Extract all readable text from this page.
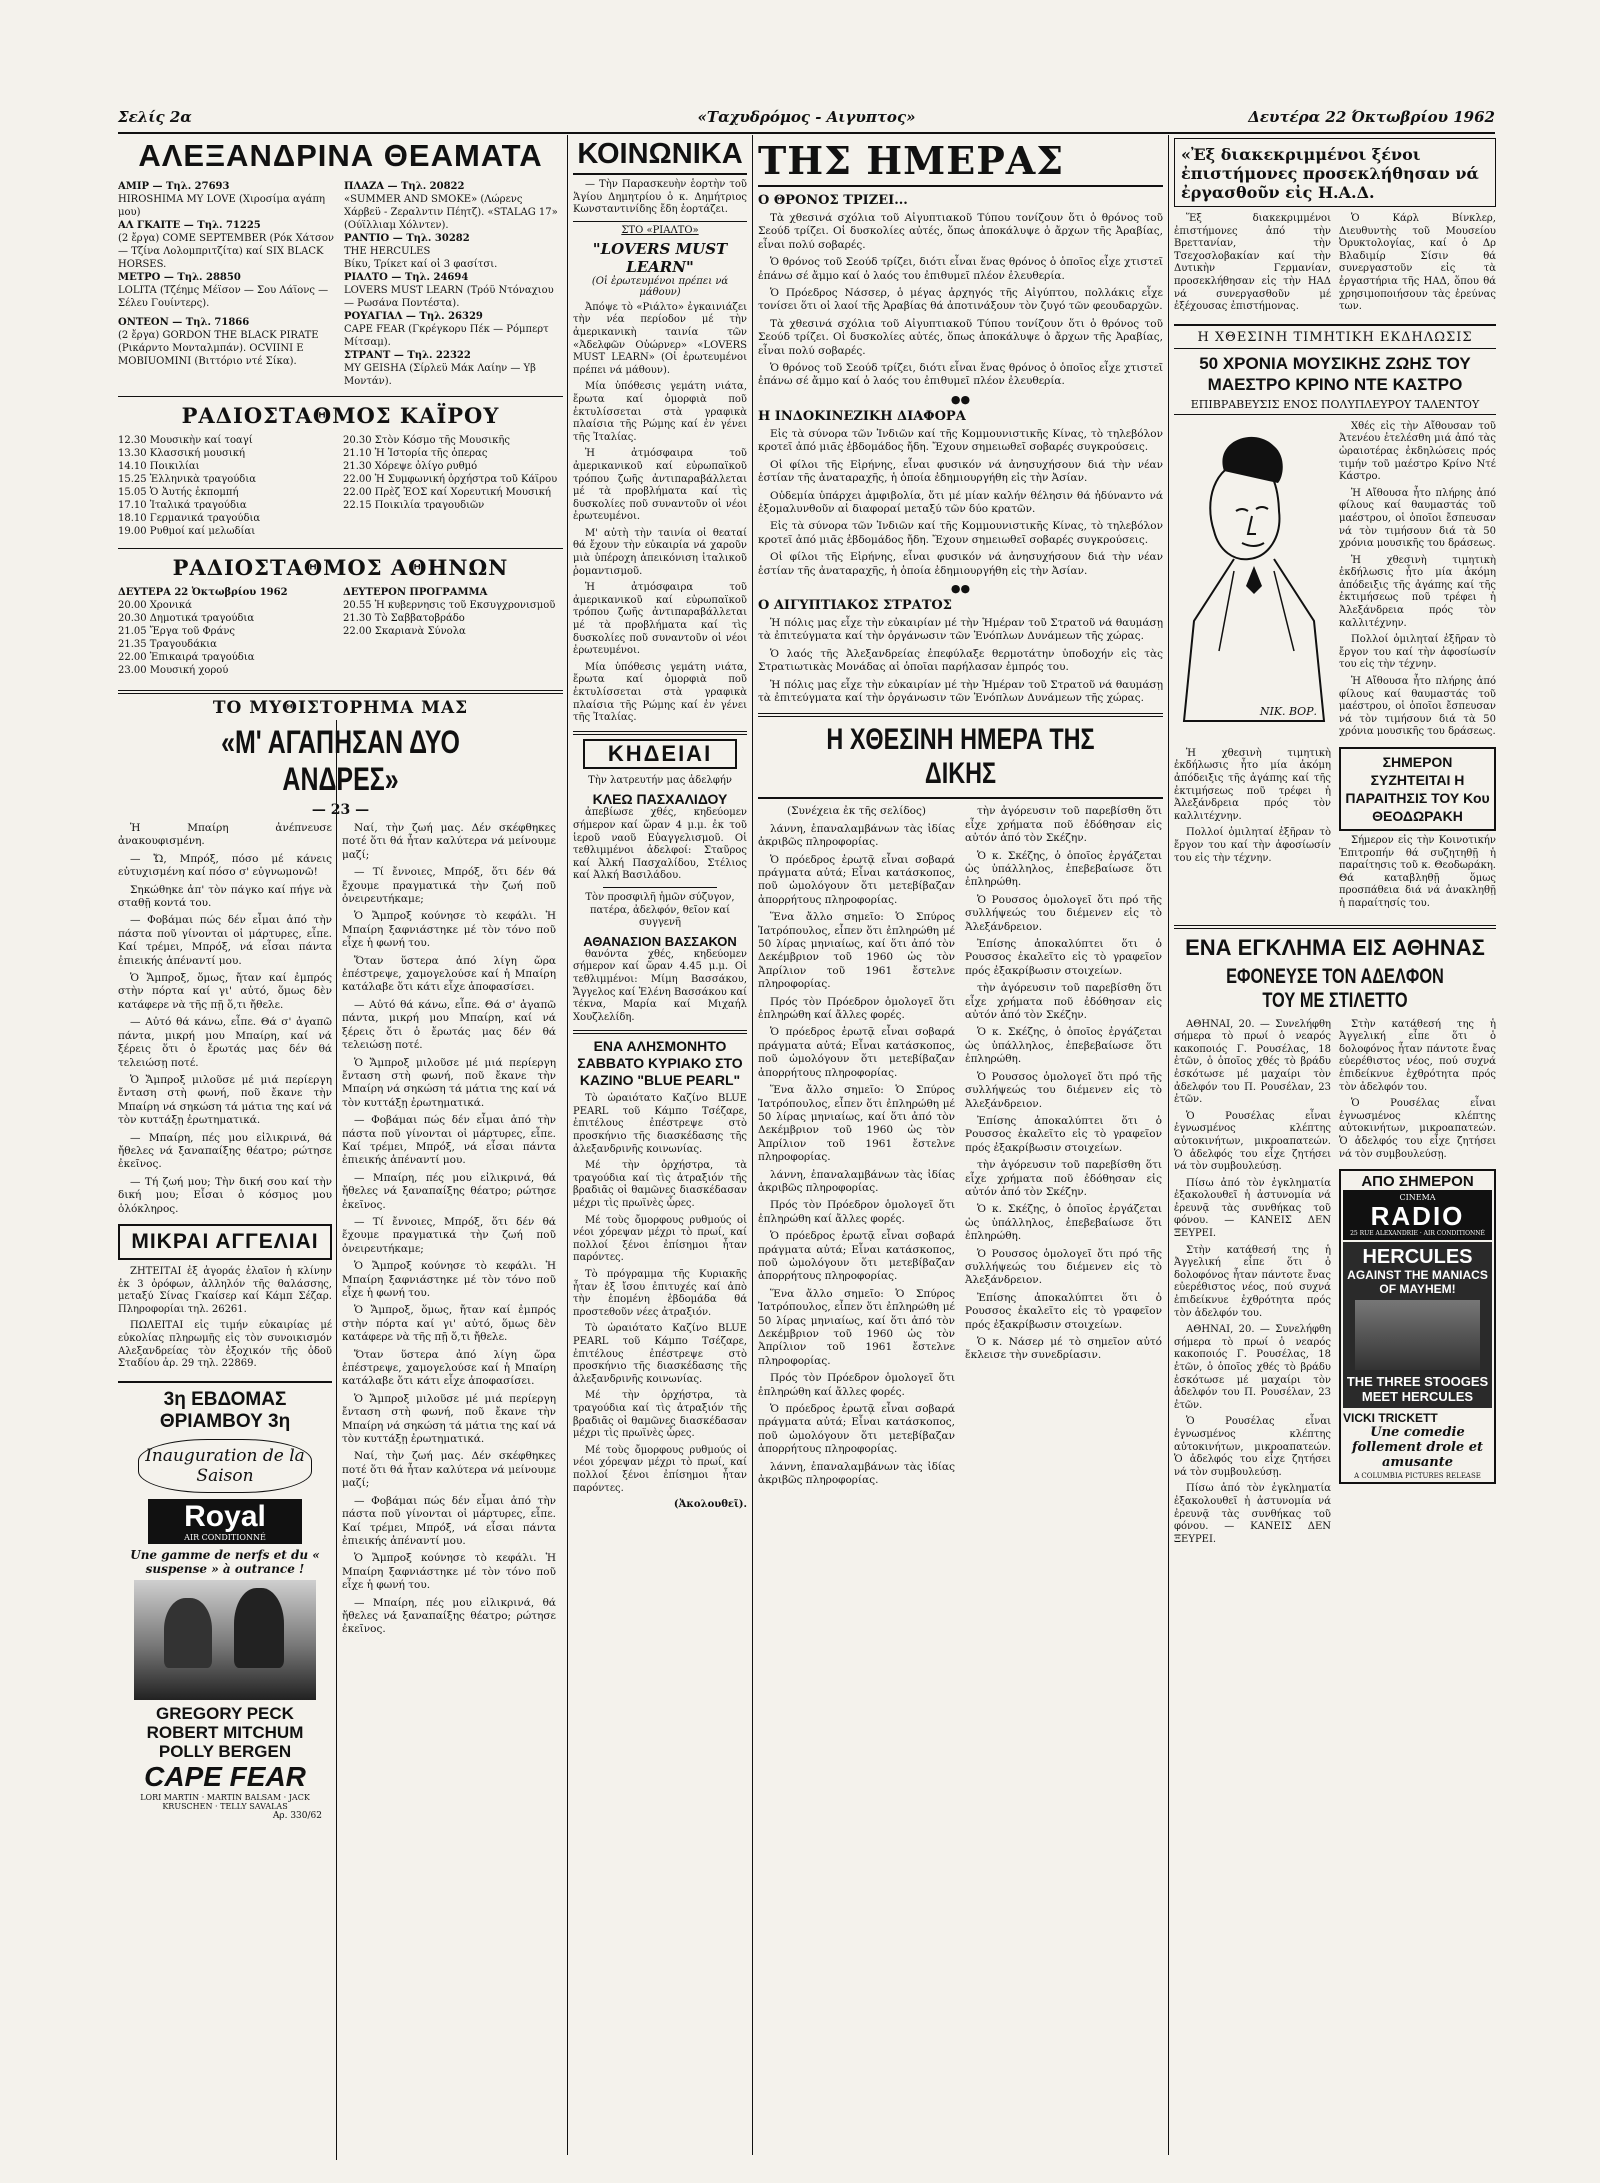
Σελίς 2α	«Ταχυδρόμος - Αιγυπτος»	Δευτέρα 22 Όκτωβρίου 1962
ΑΛΕΞΑΝΔΡΙΝΑ ΘΕΑΜΑΤΑ

ΑΜΙΡ — Τηλ. 27693

HIROSHIMA MY LOVE (Χιροσίμα αγάπη μου)

ΑΛ ΓΚΑΙΤΕ — Τηλ. 71225

(2 ἔργα) COME SEPTEMBER (Ρόκ Χάτσον — Τζίνα Λολομπριτζίτα) καί SIX BLACK HORSES.

ΜΕΤΡΟ — Τηλ. 28850

LOLITA (Τζέημς Μέϊσον — Σου Λάϊονς — Σέλευ Γουίντερς).

ΟΝΤΕΟΝ — Τηλ. 71866

(2 ἔργα) GORDON THE BLACK PIRATE (Ρικάρντο Μονταλμπάν). OCVIINI E MOBIUOMINI (Βιττόριο ντέ Σίκα).

ΠΛΑΖΑ — Τηλ. 20822

«SUMMER AND SMOKE» (Λώρενς Χάρβεϋ - Ζεραλντιν Πέητζ). «STALAG 17» (Ούϊλλιαμ Χόλντεν).

ΡΑΝΤΙΟ — Τηλ. 30282

THE HERCULES

Βίκυ, Τρίκετ καί οἱ 3 φασίτσι.

ΡΙΑΛΤΟ — Τηλ. 24694

LOVERS MUST LEARN (Τρόϋ Ντόναχιου — Ρωσάνα Ποντέστα).

ΡΟΥΑΓΙΑΛ — Τηλ. 26329

CAPE FEAR (Γκρέγκορυ Πέκ — Ρόμπερτ Μίτσαμ).

ΣΤΡΑΝΤ — Τηλ. 22322

MY GEISHA (Σίρλεϋ Μάκ Λαίην — Υβ Μοντάν).

ΡΑΔΙΟΣΤΑΘΜΟΣ ΚΑΪΡΟΥ

12.30 Μουσικὴν καί τοαγί

13.30 Κλασσική μουσική

14.10 Ποικιλίαι

15.25 Ἑλληνικὰ τραγούδια

15.05 Ὁ Ἀυτής ἐκπομπή

17.10 Ἰταλικά τραγούδια

18.10 Γερμανικά τραγούδια

19.00 Ρυθμοί καί μελωδίαι

20.30 Στὸν Κόσμο τῆς Μουσικῆς

21.10 Ἡ Ἱστορία τῆς ὀπερας

21.30 Χόρεψε ὀλίγο ρυθμό

22.00 Ἡ Συμφωνική ὀρχήστρα τοῦ Κάϊρου

22.00 Πρὲζ ἘΟΣ καί Χορευτική Μουσική

22.15 Ποικιλία τραγουδιῶν

ΡΑΔΙΟΣΤΑΘΜΟΣ ΑΘΗΝΩΝ

ΔΕΥΤΕΡΑ 22 Ὀκτωβρίου 1962

20.00 Χρονικά

20.30 Δημοτικά τραγούδια

21.05 Ἔργα τοῦ Φράνς

21.35 Τραγουδάκια

22.00 Ἐπικαιρά τραγούδια

23.00 Μουσική χορού

ΔΕΥΤΕΡΟΝ ΠΡΟΓΡΑΜΜΑ

20.55 Ἡ κυβερνησις τοῦ Εκσυγχρονισμοῦ

21.30 Τὸ Σαββατοβράδο

22.00 Σκαριανὰ Σύνολα

ΤΟ ΜΥΘΙΣΤΟΡΗΜΑ ΜΑΣ
«Μ' ΑΓΑΠΗΣΑΝ ΔΥΟ ΑΝΔΡΕΣ»
— 23 —

Ἡ Μπαίρη ἀνέπνευσε ἀνακουφισμένη.

— Ὤ, Μπρόξ, πόσο μέ κάνεις εὐτυχισμένη καί πόσο σ' εὐγνωμονῶ!

Σηκώθηκε ἀπ' τὸν πάγκο καί πήγε νὰ σταθῇ κοντά του.

— Φοβάμαι πώς δέν εἶμαι ἀπό τὴν πάστα ποῦ γίνονται οἱ μάρτυρες, εἶπε. Καί τρέμει, Μπρόξ, νά εἶσαι πάντα ἐπιεικής ἀπέναντί μου.

Ὁ Ἄμπροξ, ὅμως, ἤταν καί ἐμπρός στὴν πόρτα καί γι' αὐτό, ὅμως δὲν κατάφερε νὰ τῆς πῇ ὅ,τι ἤθελε.

— Αὐτό θά κάνω, εἶπε. Θά σ' ἀγαπῶ πάντα, μικρή μου Μπαίρη, καί νά ξέρεις ὅτι ὁ ἔρωτάς μας δέν θά τελειώσῃ ποτέ.

Ὁ Ἄμπροξ μιλοῦσε μέ μιά περίεργη ἔνταση στὴ φωνή, ποῦ ἔκανε τὴν Μπαίρη νά σηκώση τά μάτια της καί νά τὸν κυττάξῃ ἐρωτηματικά.

— Μπαίρη, πές μου εἰλικρινά, θά ἤθελες νά ξαναπαίξης θέατρο; ρώτησε ἐκεῖνος.

— Τή ζωή μου; Τὴν δική σου καί τὴν δική μου; Εἶσαι ὁ κόσμος μου ὁλόκληρος.

ΜΙΚΡΑΙ ΑΓΓΕΛΙΑΙ

ΖΗΤΕΙΤΑΙ ἐξ ἀγοράς ἐλαῖον ἡ κλίνην ἐκ 3 ὀρόφων, ἀλληλόν τῆς θαλάσσης, μεταξύ Σίνας Γκαίσερ καί Κάμπ Σέζαρ. Πληροφορίαι τηλ. 26261.

ΠΩΛΕΙΤΑΙ εἰς τιμήν εὐκαιρίας μέ εὐκολίας πληρωμῆς εἰς τὸν συνοικισμόν Αλεξανδρείας τὸν ἐξοχικόν τῆς ὁδοῦ Σταδίου ἀρ. 29 τηλ. 22869.

3η ΕΒΔΟΜΑΣ ΘΡΙΑΜΒΟΥ 3η
Inauguration de la Saison
Royal
AIR CONDITIONNÉ
Une gamme de nerfs et du « suspense » à outrance !
GREGORY PECK
ROBERT MITCHUM
POLLY BERGEN
CAPE FEAR
LORI MARTIN · MARTIN BALSAM · JACK KRUSCHEN · TELLY SAVALAS
Αρ. 330/62

Ναί, τὴν ζωή μας. Δέν σκέφθηκες ποτέ ὅτι θά ἦταν καλύτερα νά μείνουμε μαζί;

— Τί ἔννοιες, Μπρόξ, ὅτι δέν θά ἔχουμε πραγματικά τὴν ζωή ποῦ ὀνειρευτήκαμε;

Ὁ Ἄμπροξ κούνησε τὸ κεφάλι. Ἡ Μπαίρη ξαφνιάστηκε μέ τὸν τόνο ποῦ εἶχε ἡ φωνή του.

Ὅταν ὕστερα ἀπό λίγη ὥρα ἐπέστρεψε, χαμογελούσε καί ἡ Μπαίρη κατάλαβε ὅτι κάτι εἶχε ἀποφασίσει.

— Αὐτό θά κάνω, εἶπε. Θά σ' ἀγαπῶ πάντα, μικρή μου Μπαίρη, καί νά ξέρεις ὅτι ὁ ἔρωτάς μας δέν θά τελειώσῃ ποτέ.

Ὁ Ἄμπροξ μιλοῦσε μέ μιά περίεργη ἔνταση στὴ φωνή, ποῦ ἔκανε τὴν Μπαίρη νά σηκώση τά μάτια της καί νά τὸν κυττάξῃ ἐρωτηματικά.

— Φοβάμαι πώς δέν εἶμαι ἀπό τὴν πάστα ποῦ γίνονται οἱ μάρτυρες, εἶπε. Καί τρέμει, Μπρόξ, νά εἶσαι πάντα ἐπιεικής ἀπέναντί μου.

— Μπαίρη, πές μου εἰλικρινά, θά ἤθελες νά ξαναπαίξης θέατρο; ρώτησε ἐκεῖνος.

— Τί ἔννοιες, Μπρόξ, ὅτι δέν θά ἔχουμε πραγματικά τὴν ζωή ποῦ ὀνειρευτήκαμε;

Ὁ Ἄμπροξ κούνησε τὸ κεφάλι. Ἡ Μπαίρη ξαφνιάστηκε μέ τὸν τόνο ποῦ εἶχε ἡ φωνή του.

Ὁ Ἄμπροξ, ὅμως, ἤταν καί ἐμπρός στὴν πόρτα καί γι' αὐτό, ὅμως δὲν κατάφερε νὰ τῆς πῇ ὅ,τι ἤθελε.

Ὅταν ὕστερα ἀπό λίγη ὥρα ἐπέστρεψε, χαμογελούσε καί ἡ Μπαίρη κατάλαβε ὅτι κάτι εἶχε ἀποφασίσει.

Ὁ Ἄμπροξ μιλοῦσε μέ μιά περίεργη ἔνταση στὴ φωνή, ποῦ ἔκανε τὴν Μπαίρη νά σηκώση τά μάτια της καί νά τὸν κυττάξῃ ἐρωτηματικά.

Ναί, τὴν ζωή μας. Δέν σκέφθηκες ποτέ ὅτι θά ἦταν καλύτερα νά μείνουμε μαζί;

— Φοβάμαι πώς δέν εἶμαι ἀπό τὴν πάστα ποῦ γίνονται οἱ μάρτυρες, εἶπε. Καί τρέμει, Μπρόξ, νά εἶσαι πάντα ἐπιεικής ἀπέναντί μου.

Ὁ Ἄμπροξ κούνησε τὸ κεφάλι. Ἡ Μπαίρη ξαφνιάστηκε μέ τὸν τόνο ποῦ εἶχε ἡ φωνή του.

— Μπαίρη, πές μου εἰλικρινά, θά ἤθελες νά ξαναπαίξης θέατρο; ρώτησε ἐκεῖνος.

ΚΟΙΝΩΝΙΚΑ

— Τὴν Παρασκευὴν ἑορτὴν τοῦ Ἁγίου Δημητρίου ὁ κ. Δημήτριος Κωνσταντινίδης ἔδη ἑορτάζει.

ΣΤΟ «ΡΙΑΛΤΟ»
"LOVERS MUST LEARN"
(Οἱ ἐρωτευμένοι πρέπει νά μάθουν)

Ἀπόψε τὸ «Ριάλτο» ἐγκαινιάζει τὴν νέα περίοδον μέ τὴν ἀμερικανικὴ ταινία τῶν «Ἀδελφῶν Οὐώρνερ» «LOVERS MUST LEARN» (Οἱ ἐρωτευμένοι πρέπει νά μάθουν).

Μία ὑπόθεσις γεμάτη νιάτα, ἔρωτα καί ὁμορφιὰ ποῦ ἐκτυλίσσεται στὰ γραφικὰ πλαίσια τῆς Ρώμης καί ἐν γένει τῆς Ἰταλίας.

Ἡ ἀτμόσφαιρα τοῦ ἀμερικανικοῦ καί εὐρωπαϊκοῦ τρόπου ζωῆς ἀντιπαραβάλλεται μέ τὰ προβλήματα καί τὶς δυσκολίες ποῦ συναντοῦν οἱ νέοι ἐρωτευμένοι.

Μ' αὐτὴ τὴν ταινία οἱ θεαταί θά ἔχουν τὴν εὐκαιρία νά χαροῦν μιὰ ὑπέροχη ἀπεικόνιση ἰταλικοῦ ῥομαντισμοῦ.

Ἡ ἀτμόσφαιρα τοῦ ἀμερικανικοῦ καί εὐρωπαϊκοῦ τρόπου ζωῆς ἀντιπαραβάλλεται μέ τὰ προβλήματα καί τὶς δυσκολίες ποῦ συναντοῦν οἱ νέοι ἐρωτευμένοι.

Μία ὑπόθεσις γεμάτη νιάτα, ἔρωτα καί ὁμορφιὰ ποῦ ἐκτυλίσσεται στὰ γραφικὰ πλαίσια τῆς Ρώμης καί ἐν γένει τῆς Ἰταλίας.

ΚΗΔΕΙΑΙ

Τὴν λατρευτήν μας ἀδελφήν

ΚΛΕΩ ΠΑΣΧΑΛΙΔΟΥ

ἀπεβίωσε χθές, κηδεύομεν σήμερον καί ὥραν 4 μ.μ. ἐκ τοῦ ἱεροῦ ναοῦ Εὐαγγελισμοῦ. Οἱ τεθλιμμένοι ἀδελφοί: Σταῦρος καί Ἀλκή Πασχαλίδου, Στέλιος καί Ἀλκή Βασιλάδου.

Τὸν προσφιλῆ ἡμῶν σύζυγον, πατέρα, ἀδελφόν, θεῖον καί συγγενῆ

ΑΘΑΝΑΣΙΟΝ ΒΑΣΣΑΚΟΝ

θανόντα χθές, κηδεύομεν σήμερον καί ὥραν 4.45 μ.μ. Οἱ τεθλιμμένοι: Μίμη Βασσάκου, Ἄγγελος καί Ἑλένη Βασσάκου καί τέκνα, Μαρία καί Μιχαήλ Χουζλελίδη.

ΕΝΑ ΑΛΗΣΜΟΝΗΤΟ ΣΑΒΒΑΤΟ ΚΥΡΙΑΚΟ ΣΤΟ ΚΑΖΙΝΟ "BLUE PEARL"

Τὸ ὡραιότατο Καζίνο BLUE PEARL τοῦ Κάμπο Τσέζαρε, ἐπιτέλους ἐπέστρεψε στὸ προσκήνιο τῆς διασκέδασης τῆς ἀλεξανδρινῆς κοινωνίας.

Μέ τὴν ὀρχήστρα, τὰ τραγούδια καί τὶς ἀτραξιόν τῆς βραδιᾶς οἱ θαμῶνες διασκέδασαν μέχρι τὶς πρωϊνὲς ὧρες.

Μέ τοὺς ὄμορφους ρυθμούς οἱ νέοι χόρεψαν μέχρι τὸ πρωί, καί πολλοί ξένοι ἐπίσημοι ἦταν παρόντες.

Τὸ πρόγραμμα τῆς Κυριακῆς ἦταν ἐξ ἴσου ἐπιτυχές καί ἀπὸ τὴν ἐπομένη ἑβδομάδα θά προστεθοῦν νέες ἀτραξιόν.

Τὸ ὡραιότατο Καζίνο BLUE PEARL τοῦ Κάμπο Τσέζαρε, ἐπιτέλους ἐπέστρεψε στὸ προσκήνιο τῆς διασκέδασης τῆς ἀλεξανδρινῆς κοινωνίας.

Μέ τὴν ὀρχήστρα, τὰ τραγούδια καί τὶς ἀτραξιόν τῆς βραδιᾶς οἱ θαμῶνες διασκέδασαν μέχρι τὶς πρωϊνὲς ὧρες.

Μέ τοὺς ὄμορφους ρυθμούς οἱ νέοι χόρεψαν μέχρι τὸ πρωί, καί πολλοί ξένοι ἐπίσημοι ἦταν παρόντες.

(Ἀκολουθεῖ).

ΤΗΣ ΗΜΕΡΑΣ
Ο ΘΡΟΝΟΣ ΤΡΙΖΕΙ...

Τὰ χθεσινά σχόλια τοῦ Αἰγυπτιακοῦ Τύπου τονίζουν ὅτι ὁ θρόνος τοῦ Σεούδ τρίζει. Οἱ δυσκολίες αὐτές, ὅπως ἀποκάλυψε ὁ ἄρχων τῆς Ἀραβίας, εἶναι πολύ σοβαρές.

Ὁ θρόνος τοῦ Σεούδ τρίζει, διότι εἶναι ἕνας θρόνος ὁ ὁποῖος εἶχε χτιστεῖ ἐπάνω σέ ἄμμο καί ὁ λαός του ἐπιθυμεῖ πλέον ἐλευθερία.

Ὁ Πρόεδρος Νάσσερ, ὁ μέγας ἀρχηγός τῆς Αἰγύπτου, πολλάκις εἶχε τονίσει ὅτι οἱ λαοί τῆς Ἀραβίας θά ἀποτινάξουν τὸν ζυγό τῶν φεουδαρχῶν.

Τὰ χθεσινά σχόλια τοῦ Αἰγυπτιακοῦ Τύπου τονίζουν ὅτι ὁ θρόνος τοῦ Σεούδ τρίζει. Οἱ δυσκολίες αὐτές, ὅπως ἀποκάλυψε ὁ ἄρχων τῆς Ἀραβίας, εἶναι πολύ σοβαρές.

Ὁ θρόνος τοῦ Σεούδ τρίζει, διότι εἶναι ἕνας θρόνος ὁ ὁποῖος εἶχε χτιστεῖ ἐπάνω σέ ἄμμο καί ὁ λαός του ἐπιθυμεῖ πλέον ἐλευθερία.

●●
Η ΙΝΔΟΚΙΝΕΖΙΚΗ ΔΙΑΦΟΡΑ

Εἰς τὰ σύνορα τῶν Ἰνδιῶν καί τῆς Κομμουνιστικῆς Κίνας, τὸ τηλεβόλον κροτεῖ ἀπό μιᾶς ἑβδομάδος ἤδη. Ἔχουν σημειωθεῖ σοβαρές συγκρούσεις.

Οἱ φίλοι τῆς Εἰρήνης, εἶναι φυσικόν νά ἀνησυχήσουν διά τὴν νέαν ἑστίαν τῆς ἀναταραχῆς, ἡ ὁποία ἐδημιουργήθη εἰς τὴν Ἀσίαν.

Οὐδεμία ὑπάρχει ἀμφιβολία, ὅτι μέ μίαν καλήν θέλησιν θά ἠδύναντο νά ἐξομαλυνθοῦν αἱ διαφοραί μεταξύ τῶν δύο κρατῶν.

Εἰς τὰ σύνορα τῶν Ἰνδιῶν καί τῆς Κομμουνιστικῆς Κίνας, τὸ τηλεβόλον κροτεῖ ἀπό μιᾶς ἑβδομάδος ἤδη. Ἔχουν σημειωθεῖ σοβαρές συγκρούσεις.

Οἱ φίλοι τῆς Εἰρήνης, εἶναι φυσικόν νά ἀνησυχήσουν διά τὴν νέαν ἑστίαν τῆς ἀναταραχῆς, ἡ ὁποία ἐδημιουργήθη εἰς τὴν Ἀσίαν.

●●
Ο ΑΙΓΥΠΤΙΑΚΟΣ ΣΤΡΑΤΟΣ

Ἡ πόλις μας εἶχε τὴν εὐκαιρίαν μέ τὴν Ἡμέραν τοῦ Στρατοῦ νά θαυμάσῃ τὰ ἐπιτεύγματα καί τὴν ὀργάνωσιν τῶν Ἐνόπλων Δυνάμεων τῆς χώρας.

Ὁ λαός τῆς Ἀλεξανδρείας ἐπεφύλαξε θερμοτάτην ὑποδοχήν εἰς τὰς Στρατιωτικὰς Μονάδας αἱ ὁποῖαι παρήλασαν ἐμπρός του.

Ἡ πόλις μας εἶχε τὴν εὐκαιρίαν μέ τὴν Ἡμέραν τοῦ Στρατοῦ νά θαυμάσῃ τὰ ἐπιτεύγματα καί τὴν ὀργάνωσιν τῶν Ἐνόπλων Δυνάμεων τῆς χώρας.

Η ΧΘΕΣΙΝΗ ΗΜΕΡΑ ΤΗΣ ΔΙΚΗΣ

(Συνέχεια ἐκ τῆς σελίδος)

λάννη, ἐπαναλαμβάνων τὰς ἰδίας ἀκριβῶς πληροφορίας.

Ὁ πρόεδρος ἐρωτᾷ εἶναι σοβαρά πράγματα αὐτά; Εἶναι κατάσκοπος, ποῦ ὡμολόγουν ὅτι μετεβίβαζαν ἀπορρήτους πληροφορίας.

Ἕνα ἄλλο σημεῖο: Ὁ Σπύρος Ἰατρόπουλος, εἶπεν ὅτι ἐπληρώθη μέ 50 λίρας μηνιαίως, καί ὅτι ἀπό τὸν Δεκέμβριον τοῦ 1960 ὡς τὸν Ἀπρίλιον τοῦ 1961 ἔστελνε πληροφορίας.

Πρός τὸν Πρόεδρον ὁμολογεῖ ὅτι ἐπληρώθη καί ἄλλες φορές.

Ὁ πρόεδρος ἐρωτᾷ εἶναι σοβαρά πράγματα αὐτά; Εἶναι κατάσκοπος, ποῦ ὡμολόγουν ὅτι μετεβίβαζαν ἀπορρήτους πληροφορίας.

Ἕνα ἄλλο σημεῖο: Ὁ Σπύρος Ἰατρόπουλος, εἶπεν ὅτι ἐπληρώθη μέ 50 λίρας μηνιαίως, καί ὅτι ἀπό τὸν Δεκέμβριον τοῦ 1960 ὡς τὸν Ἀπρίλιον τοῦ 1961 ἔστελνε πληροφορίας.

λάννη, ἐπαναλαμβάνων τὰς ἰδίας ἀκριβῶς πληροφορίας.

Πρός τὸν Πρόεδρον ὁμολογεῖ ὅτι ἐπληρώθη καί ἄλλες φορές.

Ὁ πρόεδρος ἐρωτᾷ εἶναι σοβαρά πράγματα αὐτά; Εἶναι κατάσκοπος, ποῦ ὡμολόγουν ὅτι μετεβίβαζαν ἀπορρήτους πληροφορίας.

Ἕνα ἄλλο σημεῖο: Ὁ Σπύρος Ἰατρόπουλος, εἶπεν ὅτι ἐπληρώθη μέ 50 λίρας μηνιαίως, καί ὅτι ἀπό τὸν Δεκέμβριον τοῦ 1960 ὡς τὸν Ἀπρίλιον τοῦ 1961 ἔστελνε πληροφορίας.

Πρός τὸν Πρόεδρον ὁμολογεῖ ὅτι ἐπληρώθη καί ἄλλες φορές.

Ὁ πρόεδρος ἐρωτᾷ εἶναι σοβαρά πράγματα αὐτά; Εἶναι κατάσκοπος, ποῦ ὡμολόγουν ὅτι μετεβίβαζαν ἀπορρήτους πληροφορίας.

λάννη, ἐπαναλαμβάνων τὰς ἰδίας ἀκριβῶς πληροφορίας.

τὴν ἀγόρευσιν τοῦ παρεβίσθη ὅτι εἶχε χρήματα ποῦ ἐδόθησαν εἰς αὐτόν ἀπό τὸν Σκέζην.

Ὁ κ. Σκέζης, ὁ ὁποῖος ἐργάζεται ὡς ὑπάλληλος, ἐπεβεβαίωσε ὅτι ἐπληρώθη.

Ὁ Ρουσσος ὁμολογεῖ ὅτι πρό τῆς συλλήψεώς του διέμενεν εἰς τὸ Ἀλεξάνδρειον.

Ἐπίσης ἀποκαλύπτει ὅτι ὁ Ρουσσος ἐκαλεῖτο εἰς τὸ γραφεῖον πρός ἐξακρίβωσιν στοιχείων.

τὴν ἀγόρευσιν τοῦ παρεβίσθη ὅτι εἶχε χρήματα ποῦ ἐδόθησαν εἰς αὐτόν ἀπό τὸν Σκέζην.

Ὁ κ. Σκέζης, ὁ ὁποῖος ἐργάζεται ὡς ὑπάλληλος, ἐπεβεβαίωσε ὅτι ἐπληρώθη.

Ὁ Ρουσσος ὁμολογεῖ ὅτι πρό τῆς συλλήψεώς του διέμενεν εἰς τὸ Ἀλεξάνδρειον.

Ἐπίσης ἀποκαλύπτει ὅτι ὁ Ρουσσος ἐκαλεῖτο εἰς τὸ γραφεῖον πρός ἐξακρίβωσιν στοιχείων.

τὴν ἀγόρευσιν τοῦ παρεβίσθη ὅτι εἶχε χρήματα ποῦ ἐδόθησαν εἰς αὐτόν ἀπό τὸν Σκέζην.

Ὁ κ. Σκέζης, ὁ ὁποῖος ἐργάζεται ὡς ὑπάλληλος, ἐπεβεβαίωσε ὅτι ἐπληρώθη.

Ὁ Ρουσσος ὁμολογεῖ ὅτι πρό τῆς συλλήψεώς του διέμενεν εἰς τὸ Ἀλεξάνδρειον.

Ἐπίσης ἀποκαλύπτει ὅτι ὁ Ρουσσος ἐκαλεῖτο εἰς τὸ γραφεῖον πρός ἐξακρίβωσιν στοιχείων.

Ὁ κ. Νάσερ μέ τὸ σημεῖον αὐτό ἔκλεισε τὴν συνεδρίασιν.

«Ἐξ διακεκριμμένοι ξένοι ἐπιστήμονες προσεκλήθησαν νά ἐργασθοῦν εἰς Η.Α.Δ.

Ἕξ διακεκριμμένοι ἐπιστήμονες ἀπό τὴν Βρεττανίαν, τὴν Τσεχοσλοβακίαν καί τὴν Δυτικὴν Γερμανίαν, προσεκλήθησαν εἰς τὴν ΗΑΔ νά συνεργασθοῦν μέ ἐξέχουσας ἐπιστήμονας.

Ὁ Κάρλ Βίνκλερ, Διευθυντὴς τοῦ Μουσείου Ὀρυκτολογίας, καί ὁ Δρ Βλαδιμίρ Σίσιν θά συνεργαστοῦν εἰς τὰ ἐργαστήρια τῆς ΗΑΔ, ὅπου θά χρησιμοποιήσουν τὰς ἐρεύνας των.

Η ΧΘΕΣΙΝΗ ΤΙΜΗΤΙΚΗ ΕΚΔΗΛΩΣΙΣ
50 ΧΡΟΝΙΑ ΜΟΥΣΙΚΗΣ ΖΩΗΣ ΤΟΥ ΜΑΕΣΤΡΟ ΚΡΙΝΟ ΝΤΕ ΚΑΣΤΡΟ
ΕΠΙΒΡΑΒΕΥΣΙΣ ΕΝΟΣ ΠΟΛΥΠΛΕΥΡΟΥ ΤΑΛΕΝΤΟΥ
ΝΙΚ. ΒΟΡ.

Ἡ χθεσινὴ τιμητικὴ ἐκδήλωσις ἦτο μία ἀκόμη ἀπόδειξις τῆς ἀγάπης καί τῆς ἐκτιμήσεως ποῦ τρέφει ἡ Ἀλεξάνδρεια πρός τὸν καλλιτέχνην.

Πολλοί ὁμιληταί ἐξῆραν τὸ ἔργον του καί τὴν ἀφοσίωσίν του εἰς τὴν τέχνην.

Χθές εἰς τὴν Αἴθουσαν τοῦ Ἀτενέου ἐτελέσθη μιά ἀπό τὰς ὡραιοτέρας ἐκδηλώσεις πρός τιμήν τοῦ μαέστρο Κρίνο Ντέ Κάστρο.

Ἡ Αἴθουσα ἦτο πλήρης ἀπό φίλους καί θαυμαστάς τοῦ μαέστρου, οἱ ὁποῖοι ἔσπευσαν νά τὸν τιμήσουν διά τὰ 50 χρόνια μουσικῆς του δράσεως.

Ἡ χθεσινὴ τιμητικὴ ἐκδήλωσις ἦτο μία ἀκόμη ἀπόδειξις τῆς ἀγάπης καί τῆς ἐκτιμήσεως ποῦ τρέφει ἡ Ἀλεξάνδρεια πρός τὸν καλλιτέχνην.

Πολλοί ὁμιληταί ἐξῆραν τὸ ἔργον του καί τὴν ἀφοσίωσίν του εἰς τὴν τέχνην.

Ἡ Αἴθουσα ἦτο πλήρης ἀπό φίλους καί θαυμαστάς τοῦ μαέστρου, οἱ ὁποῖοι ἔσπευσαν νά τὸν τιμήσουν διά τὰ 50 χρόνια μουσικῆς του δράσεως.

ΣΗΜΕΡΟΝ ΣΥΖΗΤΕΙΤΑΙ Η ΠΑΡΑΙΤΗΣΙΣ ΤΟΥ Κου ΘΕΟΔΩΡΑΚΗ

Σήμερον εἰς τὴν Κοινοτικήν Ἐπιτροπήν θά συζητηθῇ ἡ παραίτησις τοῦ κ. Θεοδωράκη. Θά καταβληθῇ ὅμως προσπάθεια διά νά ἀνακληθῇ ἡ παραίτησίς του.

ΕΝΑ ΕΓΚΛΗΜΑ ΕΙΣ ΑΘΗΝΑΣ
ΕΦΟΝΕΥΣΕ ΤΟΝ ΑΔΕΛΦΟΝ ΤΟΥ ΜΕ ΣΤΙΛΕΤΤΟ

ΑΘΗΝΑΙ, 20. — Συνελήφθη σήμερα τὸ πρωί ὁ νεαρός κακοποιός Γ. Ρουσέλας, 18 ἐτῶν, ὁ ὁποῖος χθές τὸ βράδυ ἐσκότωσε μέ μαχαίρι τὸν ἀδελφόν του Π. Ρουσέλαν, 23 ἐτῶν.

Ὁ Ρουσέλας εἶναι ἐγνωσμένος κλέπτης αὐτοκινήτων, μικροαπατεών. Ὁ ἀδελφός του εἶχε ζητήσει νά τὸν συμβουλεύσῃ.

Πίσω ἀπό τὸν ἐγκληματία ἐξακολουθεῖ ἡ ἀστυνομία νά ἐρευνᾷ τὰς συνθήκας τοῦ φόνου. — ΚΑΝΕΙΣ ΔΕΝ ΞΕΥΡΕΙ.

Στὴν κατάθεσή της ἡ Ἀγγελική εἶπε ὅτι ὁ δολοφόνος ἦταν πάντοτε ἔνας εὐερέθιστος νέος, πού συχνά ἐπιδείκνυε ἐχθρότητα πρός τὸν ἀδελφόν του.

ΑΘΗΝΑΙ, 20. — Συνελήφθη σήμερα τὸ πρωί ὁ νεαρός κακοποιός Γ. Ρουσέλας, 18 ἐτῶν, ὁ ὁποῖος χθές τὸ βράδυ ἐσκότωσε μέ μαχαίρι τὸν ἀδελφόν του Π. Ρουσέλαν, 23 ἐτῶν.

Ὁ Ρουσέλας εἶναι ἐγνωσμένος κλέπτης αὐτοκινήτων, μικροαπατεών. Ὁ ἀδελφός του εἶχε ζητήσει νά τὸν συμβουλεύσῃ.

Πίσω ἀπό τὸν ἐγκληματία ἐξακολουθεῖ ἡ ἀστυνομία νά ἐρευνᾷ τὰς συνθήκας τοῦ φόνου. — ΚΑΝΕΙΣ ΔΕΝ ΞΕΥΡΕΙ.

Στὴν κατάθεσή της ἡ Ἀγγελική εἶπε ὅτι ὁ δολοφόνος ἦταν πάντοτε ἔνας εὐερέθιστος νέος, πού συχνά ἐπιδείκνυε ἐχθρότητα πρός τὸν ἀδελφόν του.

Ὁ Ρουσέλας εἶναι ἐγνωσμένος κλέπτης αὐτοκινήτων, μικροαπατεών. Ὁ ἀδελφός του εἶχε ζητήσει νά τὸν συμβουλεύσῃ.

ΑΠΟ ΣΗΜΕΡΟΝ
CINEMA
RADIO
25 RUE ALEXANDRIE · AIR CONDITIONNÉ
HERCULES
AGAINST THE MANIACS OF MAYHEM!
THE THREE STOOGES MEET HERCULES
VICKI TRICKETT
Une comedie follement drole et amusante
A COLUMBIA PICTURES RELEASE
